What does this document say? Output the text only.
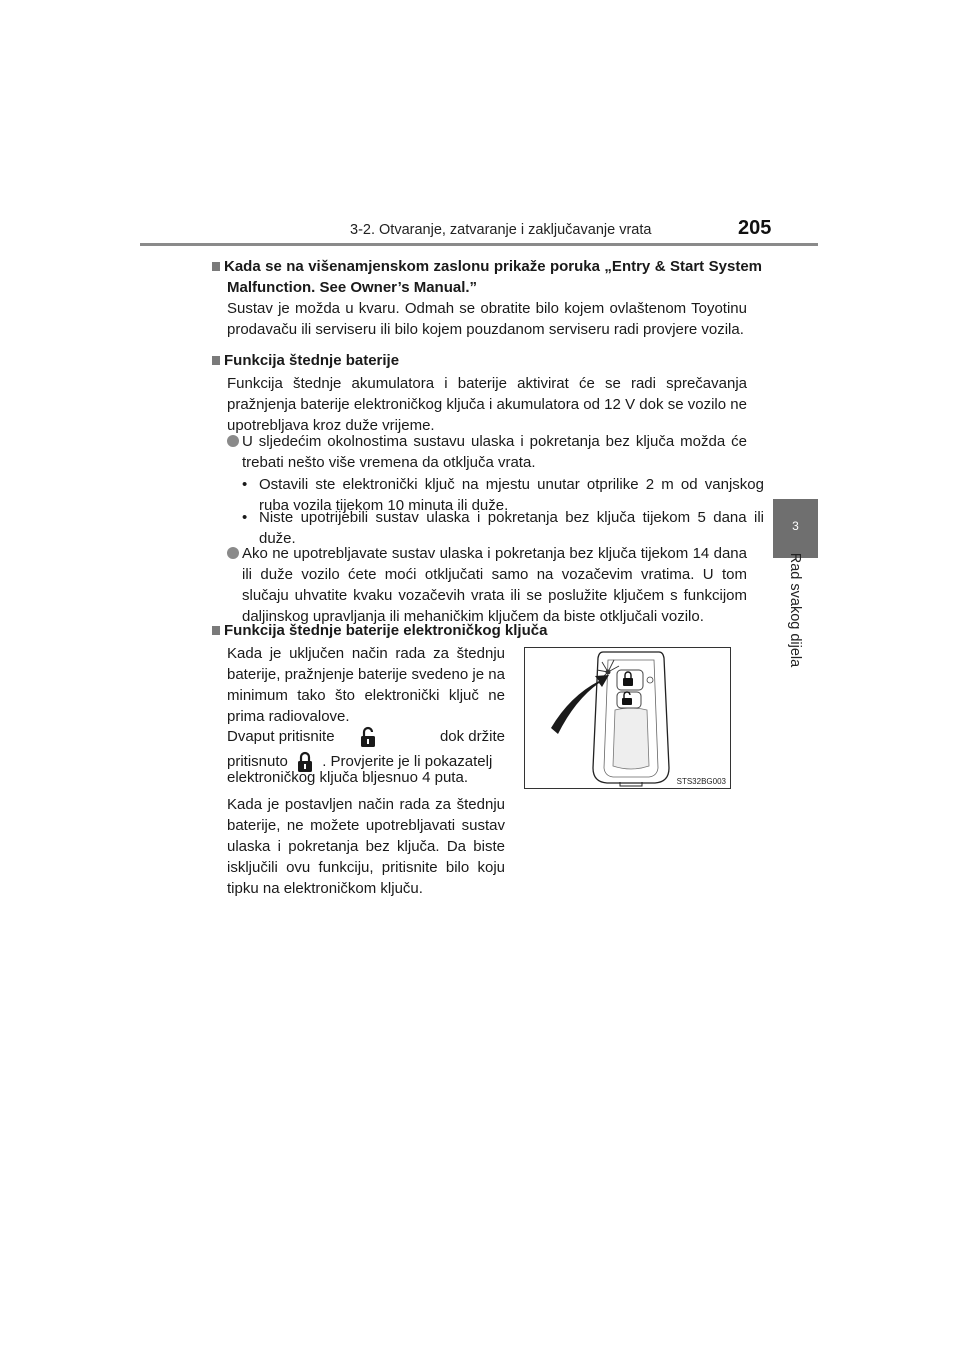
3-2. Otvaranje, zatvaranje i zaključavanje vrata	205
3
Rad svakog dijela
Kada se na višenamjenskom zaslonu prikaže poruka „Entry & Start System Malfunction. See Owner’s Manual.”
Sustav je možda u kvaru. Odmah se obratite bilo kojem ovlaštenom Toyotinu prodavaču ili serviseru ili bilo kojem pouzdanom serviseru radi provjere vozila.
Funkcija štednje baterije
Funkcija štednje akumulatora i baterije aktivirat će se radi sprečavanja pražnjenja baterije elektroničkog ključa i akumulatora od 12 V dok se vozilo ne upotrebljava kroz duže vrijeme.
U sljedećim okolnostima sustavu ulaska i pokretanja bez ključa možda će trebati nešto više vremena da otključa vrata.
• Ostavili ste elektronički ključ na mjestu unutar otprilike 2 m od vanjskog ruba vozila tijekom 10 minuta ili duže.
• Niste upotrijebili sustav ulaska i pokretanja bez ključa tijekom 5 dana ili duže.
Ako ne upotrebljavate sustav ulaska i pokretanja bez ključa tijekom 14 dana ili duže vozilo ćete moći otključati samo na vozačevim vratima. U tom slučaju uhvatite kvaku vozačevih vrata ili se poslužite ključem s funkcijom daljinskog upravljanja ili mehaničkim ključem da biste otključali vozilo.
Funkcija štednje baterije elektroničkog ključa
Kada je uključen način rada za štednju baterije, pražnjenje baterije svedeno je na minimum tako što elektronički ključ ne prima radiovalove.
Dvaput pritisnite	dok držite
pritisnuto . Provjerite je li pokazatelj
elektroničkog ključa bljesnuo 4 puta.
Kada je postavljen način rada za štednju baterije, ne možete upotrebljavati sustav ulaska i pokretanja bez ključa. Da biste isključili ovu funkciju, pritisnite bilo koju tipku na elektroničkom ključu.
STS32BG003
